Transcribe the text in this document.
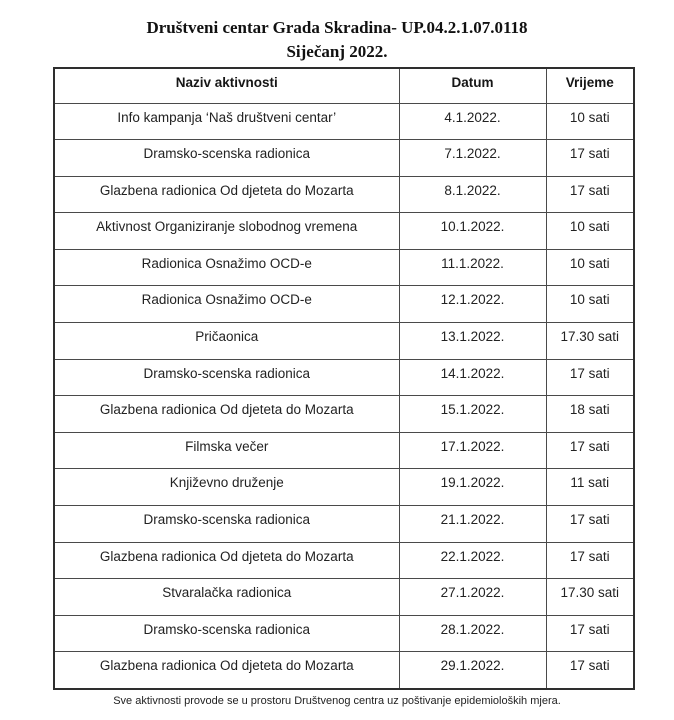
Društveni centar Grada Skradina- UP.04.2.1.07.0118
Siječanj 2022.
Naziv aktivnosti	Datum	Vrijeme
Info kampanja ‘Naš društveni centar’	4.1.2022.	10 sati
Dramsko-scenska radionica	7.1.2022.	17 sati
Glazbena radionica Od djeteta do Mozarta	8.1.2022.	17 sati
Aktivnost Organiziranje slobodnog vremena	10.1.2022.	10 sati
Radionica Osnažimo OCD-e	11.1.2022.	10 sati
Radionica Osnažimo OCD-e	12.1.2022.	10 sati
Pričaonica	13.1.2022.	17.30 sati
Dramsko-scenska radionica	14.1.2022.	17 sati
Glazbena radionica Od djeteta do Mozarta	15.1.2022.	18 sati
Filmska večer	17.1.2022.	17 sati
Književno druženje	19.1.2022.	11 sati
Dramsko-scenska radionica	21.1.2022.	17 sati
Glazbena radionica Od djeteta do Mozarta	22.1.2022.	17 sati
Stvaralačka radionica	27.1.2022.	17.30 sati
Dramsko-scenska radionica	28.1.2022.	17 sati
Glazbena radionica Od djeteta do Mozarta	29.1.2022.	17 sati
Sve aktivnosti provode se u prostoru Društvenog centra uz poštivanje epidemioloških mjera.
